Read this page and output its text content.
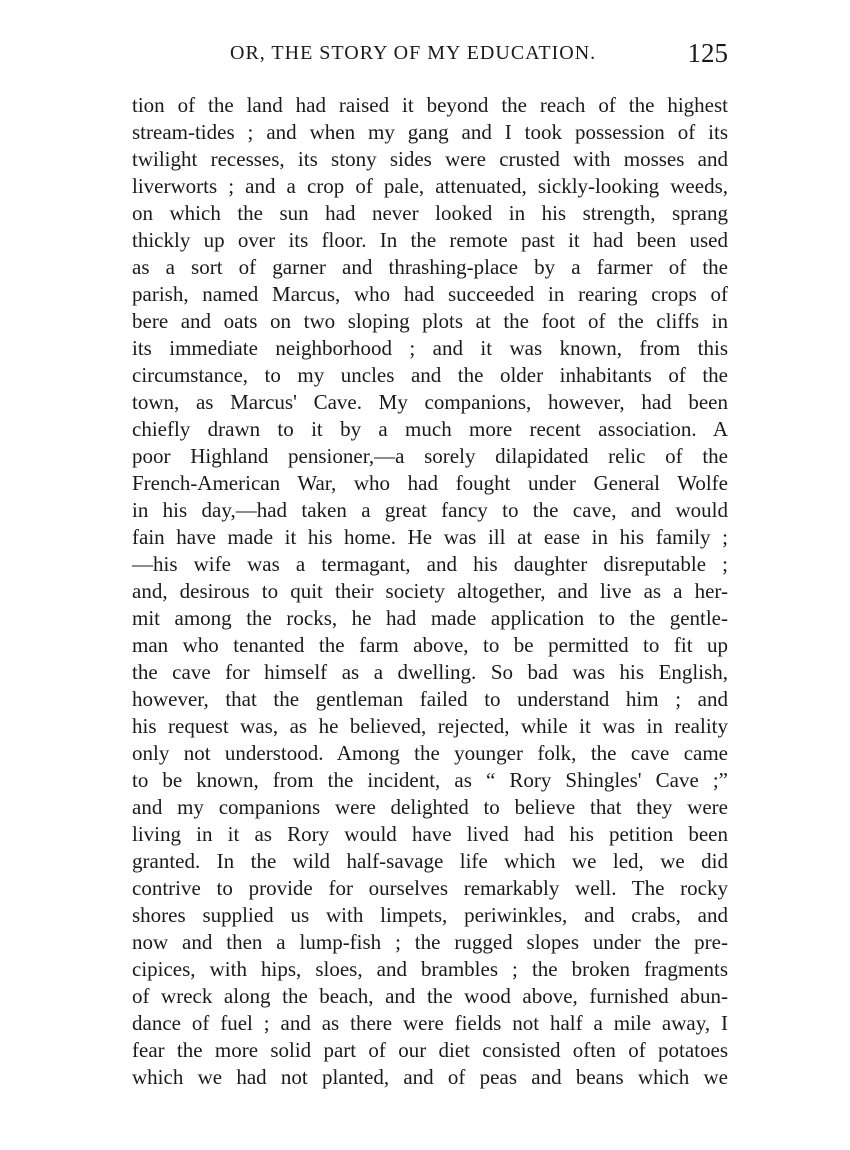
OR, THE STORY OF MY EDUCATION.	125
tion of the land had raised it beyond the reach of the highest
stream-tides ; and when my gang and I took possession of its
twilight recesses, its stony sides were crusted with mosses and
liverworts ; and a crop of pale, attenuated, sickly-looking weeds,
on which the sun had never looked in his strength, sprang
thickly up over its floor. In the remote past it had been used
as a sort of garner and thrashing-place by a farmer of the
parish, named Marcus, who had succeeded in rearing crops of
bere and oats on two sloping plots at the foot of the cliffs in
its immediate neighborhood ; and it was known, from this
circumstance, to my uncles and the older inhabitants of the
town, as Marcus' Cave. My companions, however, had been
chiefly drawn to it by a much more recent association. A
poor Highland pensioner,—a sorely dilapidated relic of the
French-American War, who had fought under General Wolfe
in his day,—had taken a great fancy to the cave, and would
fain have made it his home. He was ill at ease in his family ;
—his wife was a termagant, and his daughter disreputable ;
and, desirous to quit their society altogether, and live as a her-
mit among the rocks, he had made application to the gentle-
man who tenanted the farm above, to be permitted to fit up
the cave for himself as a dwelling. So bad was his English,
however, that the gentleman failed to understand him ; and
his request was, as he believed, rejected, while it was in reality
only not understood. Among the younger folk, the cave came
to be known, from the incident, as “ Rory Shingles' Cave ;”
and my companions were delighted to believe that they were
living in it as Rory would have lived had his petition been
granted. In the wild half-savage life which we led, we did
contrive to provide for ourselves remarkably well. The rocky
shores supplied us with limpets, periwinkles, and crabs, and
now and then a lump-fish ; the rugged slopes under the pre-
cipices, with hips, sloes, and brambles ; the broken fragments
of wreck along the beach, and the wood above, furnished abun-
dance of fuel ; and as there were fields not half a mile away, I
fear the more solid part of our diet consisted often of potatoes
which we had not planted, and of peas and beans which we
